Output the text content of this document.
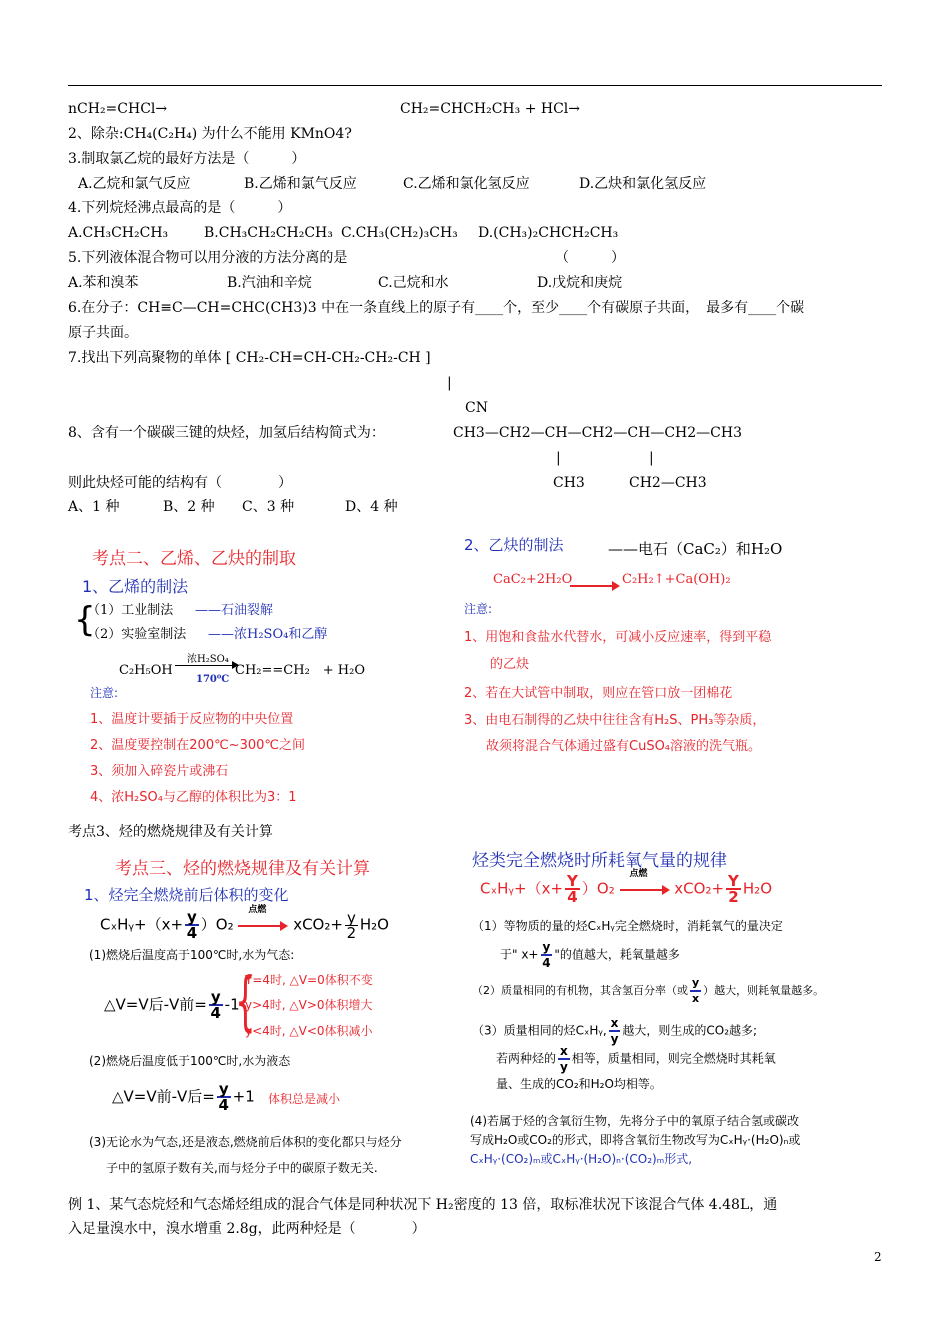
nCH₂=CHCl→	CH₂=CHCH₂CH₃ + HCl→
2、除杂:CH₄(C₂H₄) 为什么不能用 KMnO4?
3.制取氯乙烷的最好方法是（　　　）
A.乙烷和氯气反应	B.乙烯和氯气反应	C.乙烯和氯化氢反应	D.乙炔和氯化氢反应
4.下列烷烃沸点最高的是（　　　）
A.CH₃CH₂CH₃	B.CH₃CH₂CH₂CH₃ C.CH₃(CH₂)₃CH₃ D.(CH₃)₂CHCH₂CH₃
5.下列液体混合物可以用分液的方法分离的是	（　　　）
A.苯和溴苯	B.汽油和辛烷	C.己烷和水	D.戊烷和庚烷
6.在分子：CH≡C—CH=CHC(CH3)3 中在一条直线上的原子有____个，至少____个有碳原子共面，　最多有____个碳
原子共面。
7.找出下列高聚物的单体 [ CH₂-CH=CH-CH₂-CH₂-CH ]
|
CN
8、含有一个碳碳三键的炔烃，加氢后结构简式为：	CH3—CH2—CH—CH2—CH—CH2—CH3
|	|
则此炔烃可能的结构有（　　　　）	CH3	CH2—CH3
A、1 种	B、2 种 C、3 种	D、4 种
考点二、乙烯、乙炔的制取
1、乙烯的制法
{
（1）工业制法 ——石油裂解
（2）实验室制法 ——浓H₂SO₄和乙醇
C₂H₅OH
浓H₂SO₄
170⁰C
CH₂==CH₂　+ H₂O
注意:
1、温度计要插于反应物的中央位置
2、温度要控制在200℃~300℃之间
3、须加入碎瓷片或沸石
4、浓H₂SO₄与乙醇的体积比为3：1
2、乙炔的制法	——电石（CaC₂）和H₂O
CaC₂+2H₂O	C₂H₂↑+Ca(OH)₂
注意:
1、用饱和食盐水代替水，可减小反应速率，得到平稳
的乙炔
2、若在大试管中制取，则应在管口放一团棉花
3、由电石制得的乙炔中往往含有H₂S、PH₃等杂质，
故须将混合气体通过盛有CuSO₄溶液的洗气瓶。
考点3、烃的燃烧规律及有关计算
考点三、烃的燃烧规律及有关计算
1、烃完全燃烧前后体积的变化
CₓHᵧ+（x+ $\frac{y}{4} )O_2$
点燃
$xCO_2+ \frac{y}{2} H_2O$
(1)燃烧后温度高于100℃时,水为气态:
△V=V后-V前= $\frac{y}{4} -1$
{
Y=4时, △V=0体积不变
y>4时, △V>0体积增大
y<4时, △V<0体积减小
(2)燃烧后温度低于100℃时,水为液态
△V=V前-V后= $\frac{y}{4} +1$ 体积总是减小
(3)无论水为气态,还是液态,燃烧前后体积的变化都只与烃分
子中的氢原子数有关,而与烃分子中的碳原子数无关.
烃类完全燃烧时所耗氧气量的规律
CₓHᵧ+（x+ $\frac{Y}{4} )O_2$
点燃
$xCO_2+ \frac{Y}{2} H_2O$
（1）等物质的量的烃CₓHᵧ完全燃烧时，消耗氧气的量决定
于" $x+ \frac{y}{4}$ "的值越大，耗氧量越多
（2）质量相同的有机物，其含氢百分率（或 $\frac{y}{x}$ ）越大，则耗氧量越多。
（3）质量相同的烃CₓHᵧ, $\frac{x}{y}$ 越大，则生成的CO₂越多;
若两种烃的 $\frac{x}{y}$ 相等，质量相同，则完全燃烧时其耗氧
量、生成的CO₂和H₂O均相等。
(4)若属于烃的含氧衍生物，先将分子中的氧原子结合氢或碳改
写成H₂O或CO₂的形式，即将含氧衍生物改写为CₓHᵧ·(H₂O)ₙ或
CₓHᵧ·(CO₂)ₘ或CₓHᵧ·(H₂O)ₙ·(CO₂)ₘ形式,
例 1、某气态烷烃和气态烯烃组成的混合气体是同种状况下 H₂密度的 13 倍，取标准状况下该混合气体 4.48L，通
入足量溴水中，溴水增重 2.8g，此两种烃是（　　　　）
2
